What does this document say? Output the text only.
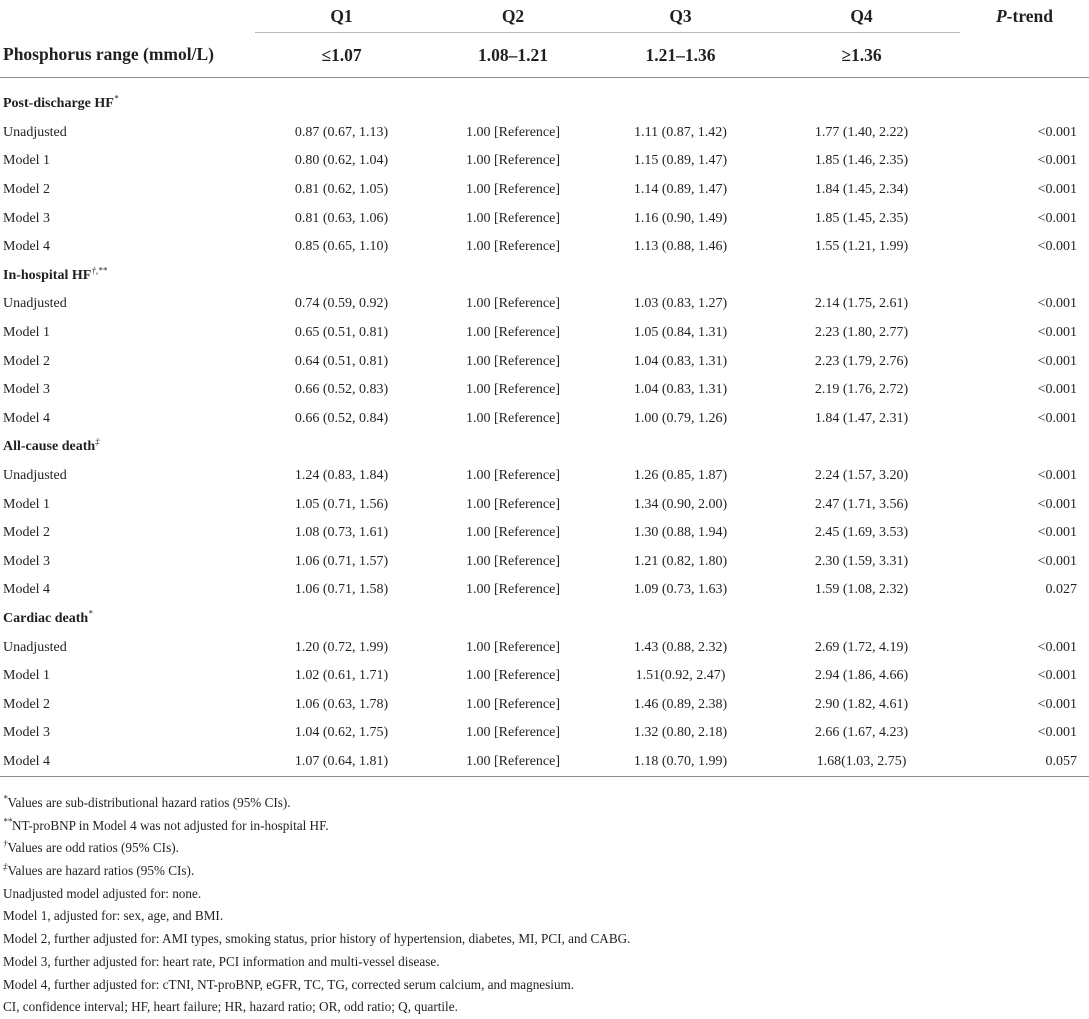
	Q1	Q2	Q3	Q4	P-trend
Phosphorus range (mmol/L)	≤1.07	1.08–1.21	1.21–1.36	≥1.36	

Post-discharge HF*
Unadjusted	0.87 (0.67, 1.13)	1.00 [Reference]	1.11 (0.87, 1.42)	1.77 (1.40, 2.22)	<0.001
Model 1	0.80 (0.62, 1.04)	1.00 [Reference]	1.15 (0.89, 1.47)	1.85 (1.46, 2.35)	<0.001
Model 2	0.81 (0.62, 1.05)	1.00 [Reference]	1.14 (0.89, 1.47)	1.84 (1.45, 2.34)	<0.001
Model 3	0.81 (0.63, 1.06)	1.00 [Reference]	1.16 (0.90, 1.49)	1.85 (1.45, 2.35)	<0.001
Model 4	0.85 (0.65, 1.10)	1.00 [Reference]	1.13 (0.88, 1.46)	1.55 (1.21, 1.99)	<0.001
In-hospital HF†,**
Unadjusted	0.74 (0.59, 0.92)	1.00 [Reference]	1.03 (0.83, 1.27)	2.14 (1.75, 2.61)	<0.001
Model 1	0.65 (0.51, 0.81)	1.00 [Reference]	1.05 (0.84, 1.31)	2.23 (1.80, 2.77)	<0.001
Model 2	0.64 (0.51, 0.81)	1.00 [Reference]	1.04 (0.83, 1.31)	2.23 (1.79, 2.76)	<0.001
Model 3	0.66 (0.52, 0.83)	1.00 [Reference]	1.04 (0.83, 1.31)	2.19 (1.76, 2.72)	<0.001
Model 4	0.66 (0.52, 0.84)	1.00 [Reference]	1.00 (0.79, 1.26)	1.84 (1.47, 2.31)	<0.001
All-cause death‡
Unadjusted	1.24 (0.83, 1.84)	1.00 [Reference]	1.26 (0.85, 1.87)	2.24 (1.57, 3.20)	<0.001
Model 1	1.05 (0.71, 1.56)	1.00 [Reference]	1.34 (0.90, 2.00)	2.47 (1.71, 3.56)	<0.001
Model 2	1.08 (0.73, 1.61)	1.00 [Reference]	1.30 (0.88, 1.94)	2.45 (1.69, 3.53)	<0.001
Model 3	1.06 (0.71, 1.57)	1.00 [Reference]	1.21 (0.82, 1.80)	2.30 (1.59, 3.31)	<0.001
Model 4	1.06 (0.71, 1.58)	1.00 [Reference]	1.09 (0.73, 1.63)	1.59 (1.08, 2.32)	0.027
Cardiac death*
Unadjusted	1.20 (0.72, 1.99)	1.00 [Reference]	1.43 (0.88, 2.32)	2.69 (1.72, 4.19)	<0.001
Model 1	1.02 (0.61, 1.71)	1.00 [Reference]	1.51(0.92, 2.47)	2.94 (1.86, 4.66)	<0.001
Model 2	1.06 (0.63, 1.78)	1.00 [Reference]	1.46 (0.89, 2.38)	2.90 (1.82, 4.61)	<0.001
Model 3	1.04 (0.62, 1.75)	1.00 [Reference]	1.32 (0.80, 2.18)	2.66 (1.67, 4.23)	<0.001
Model 4	1.07 (0.64, 1.81)	1.00 [Reference]	1.18 (0.70, 1.99)	1.68(1.03, 2.75)	0.057
*Values are sub-distributional hazard ratios (95% CIs).
**NT-proBNP in Model 4 was not adjusted for in-hospital HF.
†Values are odd ratios (95% CIs).
‡Values are hazard ratios (95% CIs).
Unadjusted model adjusted for: none.
Model 1, adjusted for: sex, age, and BMI.
Model 2, further adjusted for: AMI types, smoking status, prior history of hypertension, diabetes, MI, PCI, and CABG.
Model 3, further adjusted for: heart rate, PCI information and multi-vessel disease.
Model 4, further adjusted for: cTNI, NT-proBNP, eGFR, TC, TG, corrected serum calcium, and magnesium.
CI, confidence interval; HF, heart failure; HR, hazard ratio; OR, odd ratio; Q, quartile.
